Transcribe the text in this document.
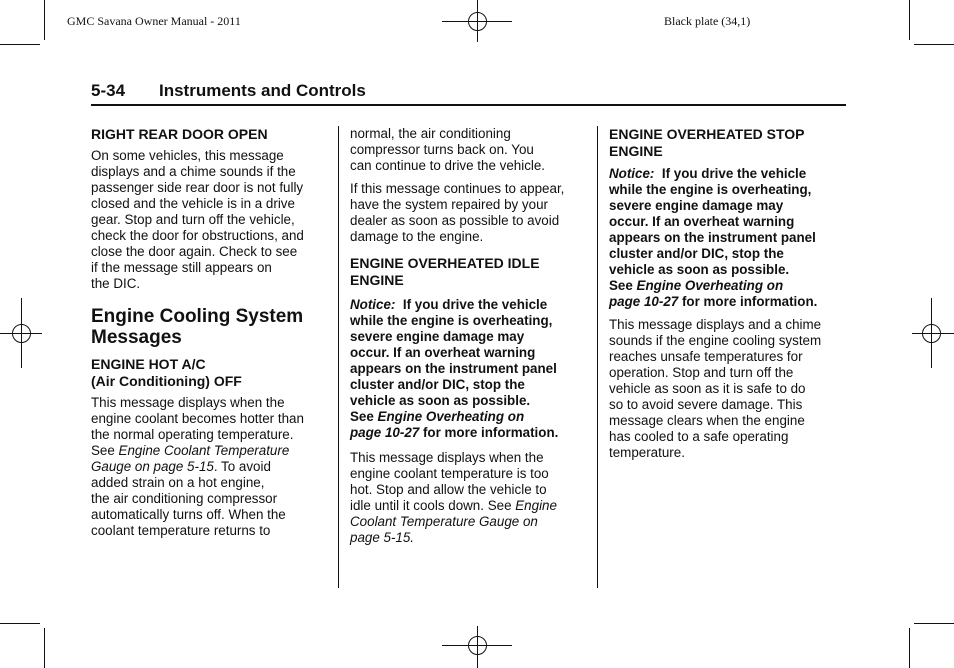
GMC Savana Owner Manual - 2011	Black plate (34,1)
5-34 Instruments and Controls
RIGHT REAR DOOR OPEN

On some vehicles, this message
displays and a chime sounds if the
passenger side rear door is not fully
closed and the vehicle is in a drive
gear. Stop and turn off the vehicle,
check the door for obstructions, and
close the door again. Check to see
if the message still appears on
the DIC.

Engine Cooling System
Messages
ENGINE HOT A/C
(Air Conditioning) OFF

This message displays when the
engine coolant becomes hotter than
the normal operating temperature.
See Engine Coolant Temperature
Gauge on page 5-15. To avoid
added strain on a hot engine,
the air conditioning compressor
automatically turns off. When the
coolant temperature returns to

normal, the air conditioning
compressor turns back on. You
can continue to drive the vehicle.

If this message continues to appear,
have the system repaired by your
dealer as soon as possible to avoid
damage to the engine.

ENGINE OVERHEATED IDLE
ENGINE

Notice: If you drive the vehicle
while the engine is overheating,
severe engine damage may
occur. If an overheat warning
appears on the instrument panel
cluster and/or DIC, stop the
vehicle as soon as possible.
See Engine Overheating on
page 10-27 for more information.

This message displays when the
engine coolant temperature is too
hot. Stop and allow the vehicle to
idle until it cools down. See Engine
Coolant Temperature Gauge on
page 5-15.

ENGINE OVERHEATED STOP
ENGINE

Notice: If you drive the vehicle
while the engine is overheating,
severe engine damage may
occur. If an overheat warning
appears on the instrument panel
cluster and/or DIC, stop the
vehicle as soon as possible.
See Engine Overheating on
page 10-27 for more information.

This message displays and a chime
sounds if the engine cooling system
reaches unsafe temperatures for
operation. Stop and turn off the
vehicle as soon as it is safe to do
so to avoid severe damage. This
message clears when the engine
has cooled to a safe operating
temperature.
